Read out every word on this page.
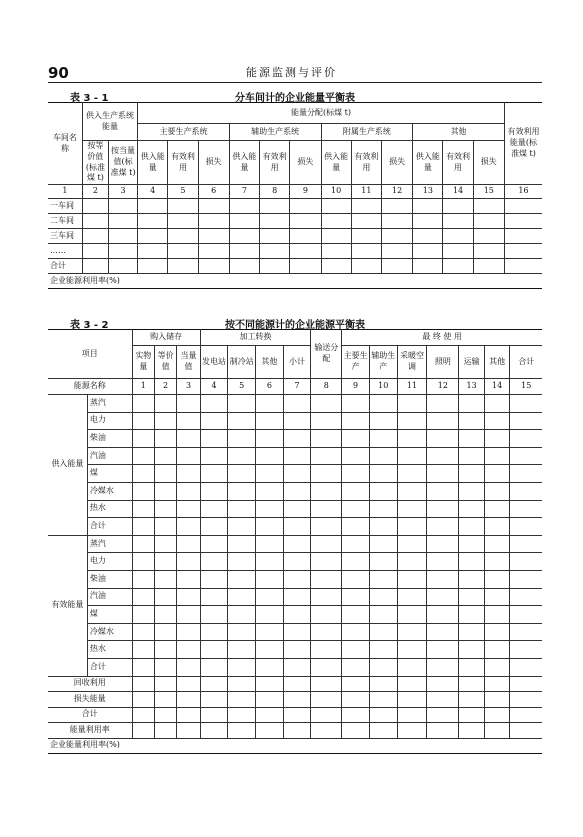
90	能源监测与评价
表 3 - 1	分车间计的企业能量平衡表
车间名称	供入生产系统能量		能量分配(标煤 t)												有效利用能量(标准煤 t)
			主要生产系统			辅助生产系统			附属生产系统			其他			
	按等价值(标准煤 t)	按当量值(标准煤 t)	供入能量	有效利用	损失	供入能量	有效利用	损失	供入能量	有效利用	损失	供入能量	有效利用	损失	
1	2	3	4	5	6	7	8	9	10	11	12	13	14	15	16
一车间															
二车间															
三车间															
……															
合计															
企业能源利用率(%)															
表 3 - 2	按不同能源计的企业能源平衡表
项目		购入储存			加工转换				输送分配	最 终 使 用						
		实物量	等价值	当量值	发电站	制冷站	其他	小计		主要生产	辅助生产	采暖空调	照明	运输	其他	合计
能源名称		1	2	3	4	5	6	7	8	9	10	11	12	13	14	15
供入能量	蒸汽															
	电力															
	柴油															
	汽油															
	煤															
	冷媒水															
	热水															
	合计															
有效能量	蒸汽															
	电力															
	柴油															
	汽油															
	煤															
	冷媒水															
	热水															
	合计															
回收利用																
损失能量																
合计																
能量利用率																
企业能量利用率(%)																
